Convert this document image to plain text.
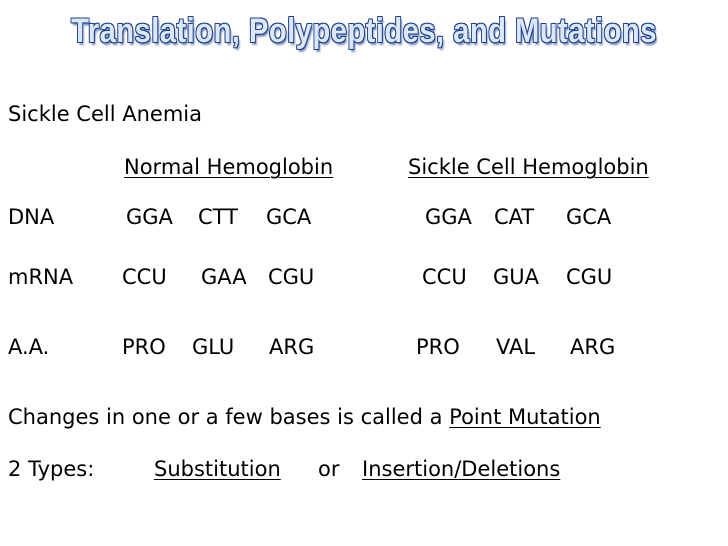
Translation, Polypeptides, and Mutations
Sickle Cell Anemia
Normal Hemoglobin	Sickle Cell Hemoglobin
DNA	GGA CTT GCA	GGA CAT GCA
mRNA CCU GAA CGU	CCU GUA CGU
A.A.	PRO GLU ARG	PRO VAL ARG
Changes in one or a few bases is called a Point Mutation
2 Types:	Substitution or Insertion/Deletions
